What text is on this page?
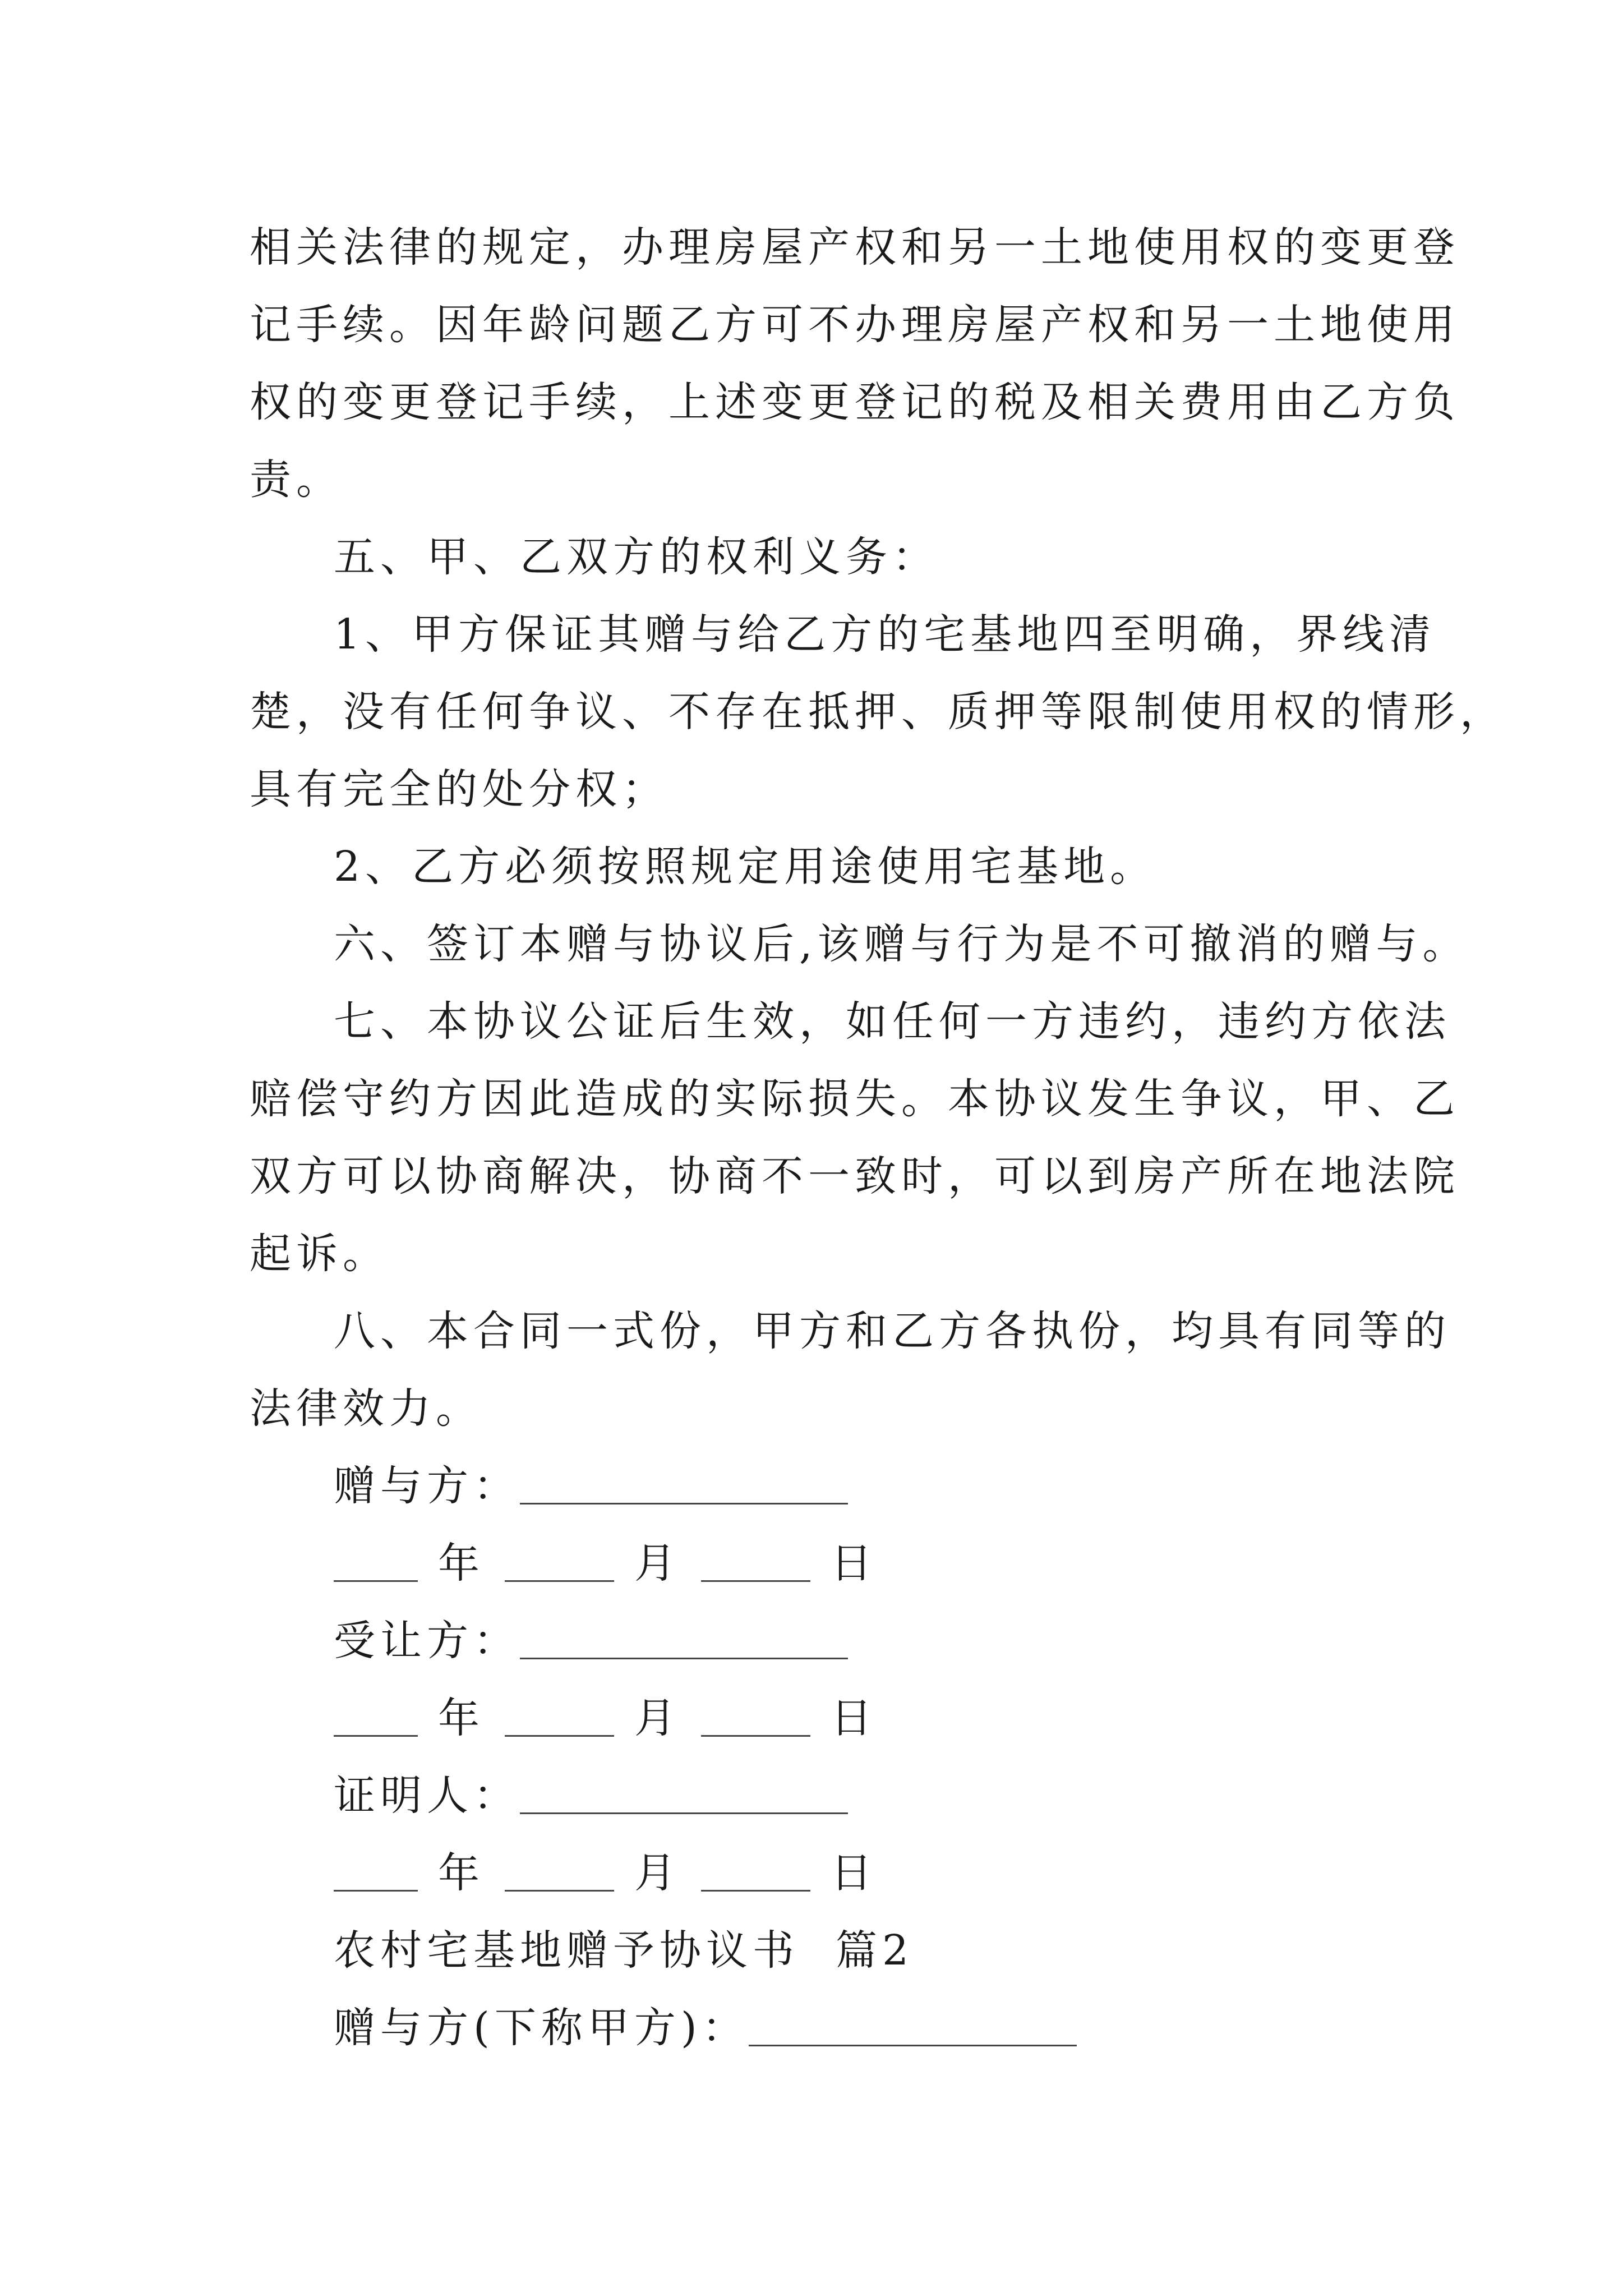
相关法律的规定，办理房屋产权和另一土地使用权的变更登
记手续。因年龄问题乙方可不办理房屋产权和另一土地使用
权的变更登记手续，上述变更登记的税及相关费用由乙方负
责。
五、甲、乙双方的权利义务：
1、甲方保证其赠与给乙方的宅基地四至明确，界线清
楚，没有任何争议、不存在抵押、质押等限制使用权的情形，
具有完全的处分权；
2、乙方必须按照规定用途使用宅基地。
六、签订本赠与协议后,该赠与行为是不可撤消的赠与。
七、本协议公证后生效，如任何一方违约，违约方依法
赔偿守约方因此造成的实际损失。本协议发生争议，甲、乙
双方可以协商解决，协商不一致时，可以到房产所在地法院
起诉。
八、本合同一式份，甲方和乙方各执份，均具有同等的
法律效力。
赠与方：
年	月	日
受让方：
年	月	日
证明人：
年	月	日
农村宅基地赠予协议书  篇2
赠与方(下称甲方)：
